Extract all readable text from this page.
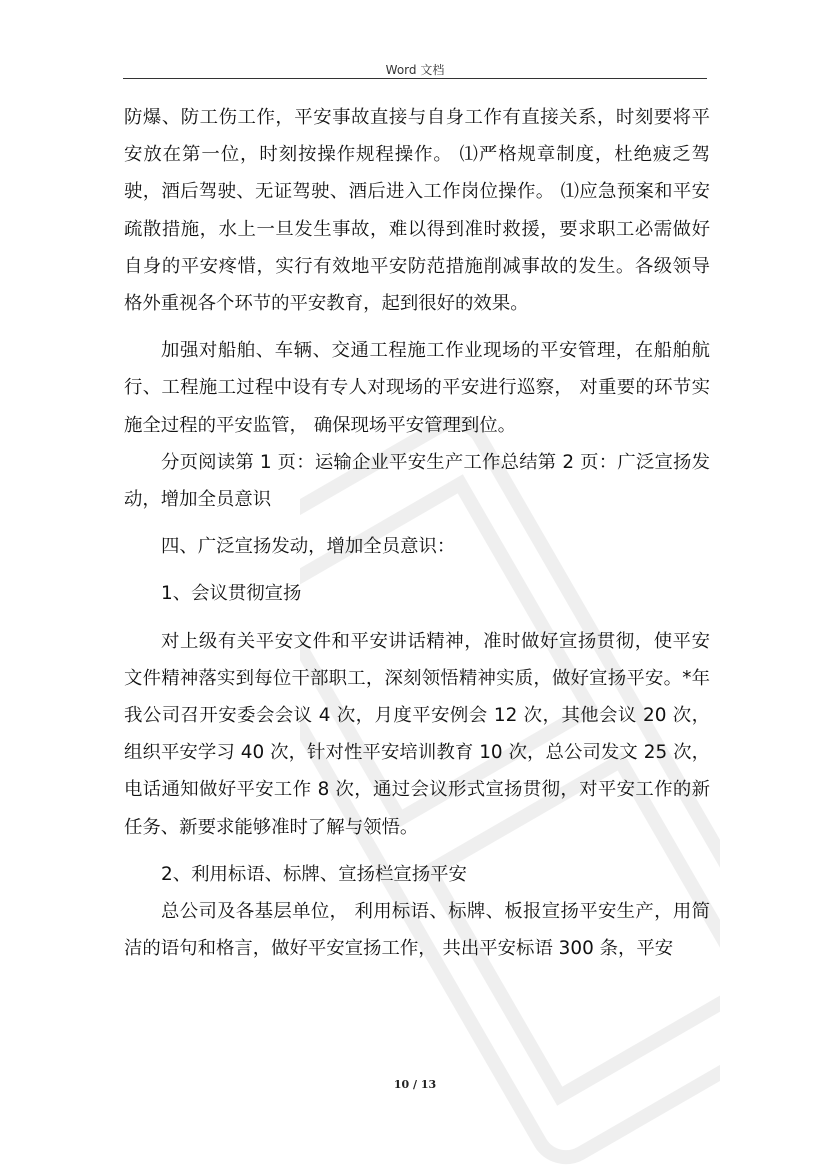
Word 文档

防爆、防工伤工作，平安事故直接与自身工作有直接关系，时刻要将平安放在第一位，时刻按操作规程操作。 ⑴严格规章制度，杜绝疲乏驾驶，酒后驾驶、无证驾驶、酒后进入工作岗位操作。 ⑴应急预案和平安疏散措施，水上一旦发生事故，难以得到准时救援，要求职工必需做好自身的平安疼惜，实行有效地平安防范措施削减事故的发生。各级领导格外重视各个环节的平安教育，起到很好的效果。

加强对船舶、车辆、交通工程施工作业现场的平安管理，在船舶航行、工程施工过程中设有专人对现场的平安进行巡察， 对重要的环节实施全过程的平安监管， 确保现场平安管理到位。

分页阅读第 1 页：运输企业平安生产工作总结第 2 页：广泛宣扬发动，增加全员意识

四、广泛宣扬发动，增加全员意识：

1、会议贯彻宣扬

对上级有关平安文件和平安讲话精神，准时做好宣扬贯彻，使平安文件精神落实到每位干部职工，深刻领悟精神实质，做好宣扬平安。*年我公司召开安委会会议 4 次，月度平安例会 12 次，其他会议 20 次，组织平安学习 40 次，针对性平安培训教育 10 次，总公司发文 25 次，电话通知做好平安工作 8 次，通过会议形式宣扬贯彻，对平安工作的新任务、新要求能够准时了解与领悟。

2、利用标语、标牌、宣扬栏宣扬平安

总公司及各基层单位， 利用标语、标牌、板报宣扬平安生产，用简洁的语句和格言，做好平安宣扬工作， 共出平安标语 300 条，平安

10 / 13
